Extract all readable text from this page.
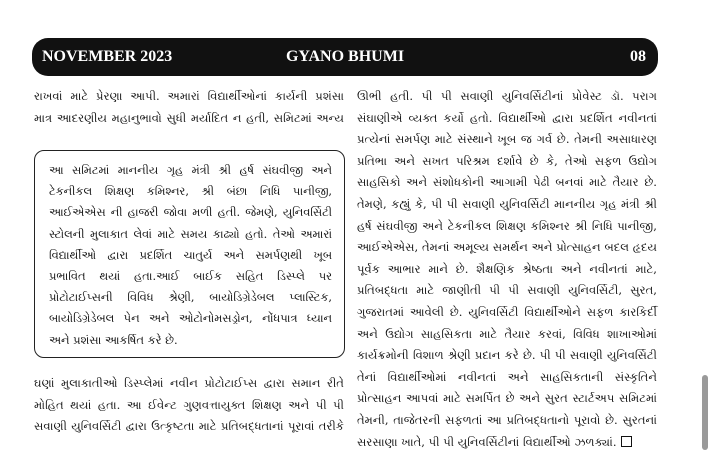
NOVEMBER 2023	GYANO BHUMI	08

રાખવાં માટે પ્રેરણા આપી. અમારાં વિદ્યાર્થીઓનાં કાર્યની પ્રશંસા

માત્ર આદરણીય મહાનુભાવો સુધી મર્યાદિત ન હતી, સમિટમાં અન્ય

આ સમિટમાં માનનીય ગૃહ મંત્રી શ્રી હર્ષ સંઘવીજી અને

ટેકનીકલ શિક્ષણ કમિશ્નર, શ્રી બંછા નિધિ પાનીજી,

આઈએએસ ની હાજરી જોવા મળી હતી. જેમણે, યુનિવર્સિટી

સ્ટોલની મુલાકાત લેવાં માટે સમય કાઢ્યો હતો. તેઓ અમારાં

વિદ્યાર્થીઓ દ્વારા પ્રદર્શિત ચાતુર્ય અને સમર્પણથી ખૂબ

પ્રભાવિત થયાં હતા.આઈ બાઈક સહિત ડિસ્પ્લે પર

પ્રોટોટાઈપ્સની વિવિધ શ્રેણી, બાયોડિગ્રેડેબલ પ્લાસ્ટિક,

બાયોડિગ્રેડેબલ પેન અને ઓટોનોમસડ્રોન, નોંધપાત્ર ધ્યાન

અને પ્રશંસા આકર્ષિત કરે છે.

ઘણાં મુલાકાતીઓ ડિસ્પ્લેમાં નવીન પ્રોટોટાઈપ્સ દ્વારા સમાન રીતે

મોહિત થયાં હતા. આ ઈવેન્ટ ગુણવત્તાયુક્ત શિક્ષણ અને પી પી

સવાણી યુનિવર્સિટી દ્વારા ઉત્કૃષ્ટતા માટે પ્રતિબદ્ધતાનાં પૂરાવાં તરીકે

ઊભી હતી. પી પી સવાણી યુનિવર્સિટીનાં પ્રોવેસ્ટ ડૉ. પરાગ

સંઘાણીએ વ્યક્ત કર્યો હતો. વિદ્યાર્થીઓ દ્વારા પ્રદર્શિત નવીનતાં

પ્રત્યેનાં સમર્પણ માટે સંસ્થાને ખૂબ જ ગર્વ છે. તેમની અસાધારણ

પ્રતિભા અને સખત પરિશ્રમ દર્શાવે છે કે, તેઓ સફળ ઉદ્યોગ

સાહસિકો અને સંશોધકોની આગામી પેઢી બનવાં માટે તૈયાર છે.

તેમણે, કહ્યું કે, પી પી સવાણી યુનિવર્સિટી માનનીય ગૃહ મંત્રી શ્રી

હર્ષ સંઘવીજી અને ટેકનીકલ શિક્ષણ કમિશ્નર શ્રી નિધિ પાનીજી,

આઈએએસ, તેમનાં અમૂલ્ય સમર્થન અને પ્રોત્સાહન બદલ હૃદય

પૂર્વક આભાર માને છે. શૈક્ષણિક શ્રેષ્ઠતા અને નવીનતાં માટે,

પ્રતિબદ્ધતા માટે જાણીતી પી પી સવાણી યુનિવર્સિટી, સુરત,

ગુજરાતમાં આવેલી છે. યુનિવર્સિટી વિદ્યાર્થીઓને સફળ કારકિર્દી

અને ઉદ્યોગ સાહસિકતા માટે તૈયાર કરવાં, વિવિધ શાખાઓમાં

કાર્યક્રમોની વિશાળ શ્રેણી પ્રદાન કરે છે. પી પી સવાણી યુનિવર્સિટી

તેનાં વિદ્યાર્થીઓમાં નવીનતાં અને સાહસિકતાની સંસ્કૃતિને

પ્રોત્સાહન આપવાં માટે સમર્પિત છે અને સુરત સ્ટાર્ટઅપ સમિટમાં

તેમની, તાજેતરની સફળતાં આ પ્રતિબદ્ધતાનો પૂરાવો છે. સુરતનાં

સરસાણા ખાતે, પી પી યુનિવર્સિટીનાં વિદ્યાર્થીઓ ઝળક્યાં.
